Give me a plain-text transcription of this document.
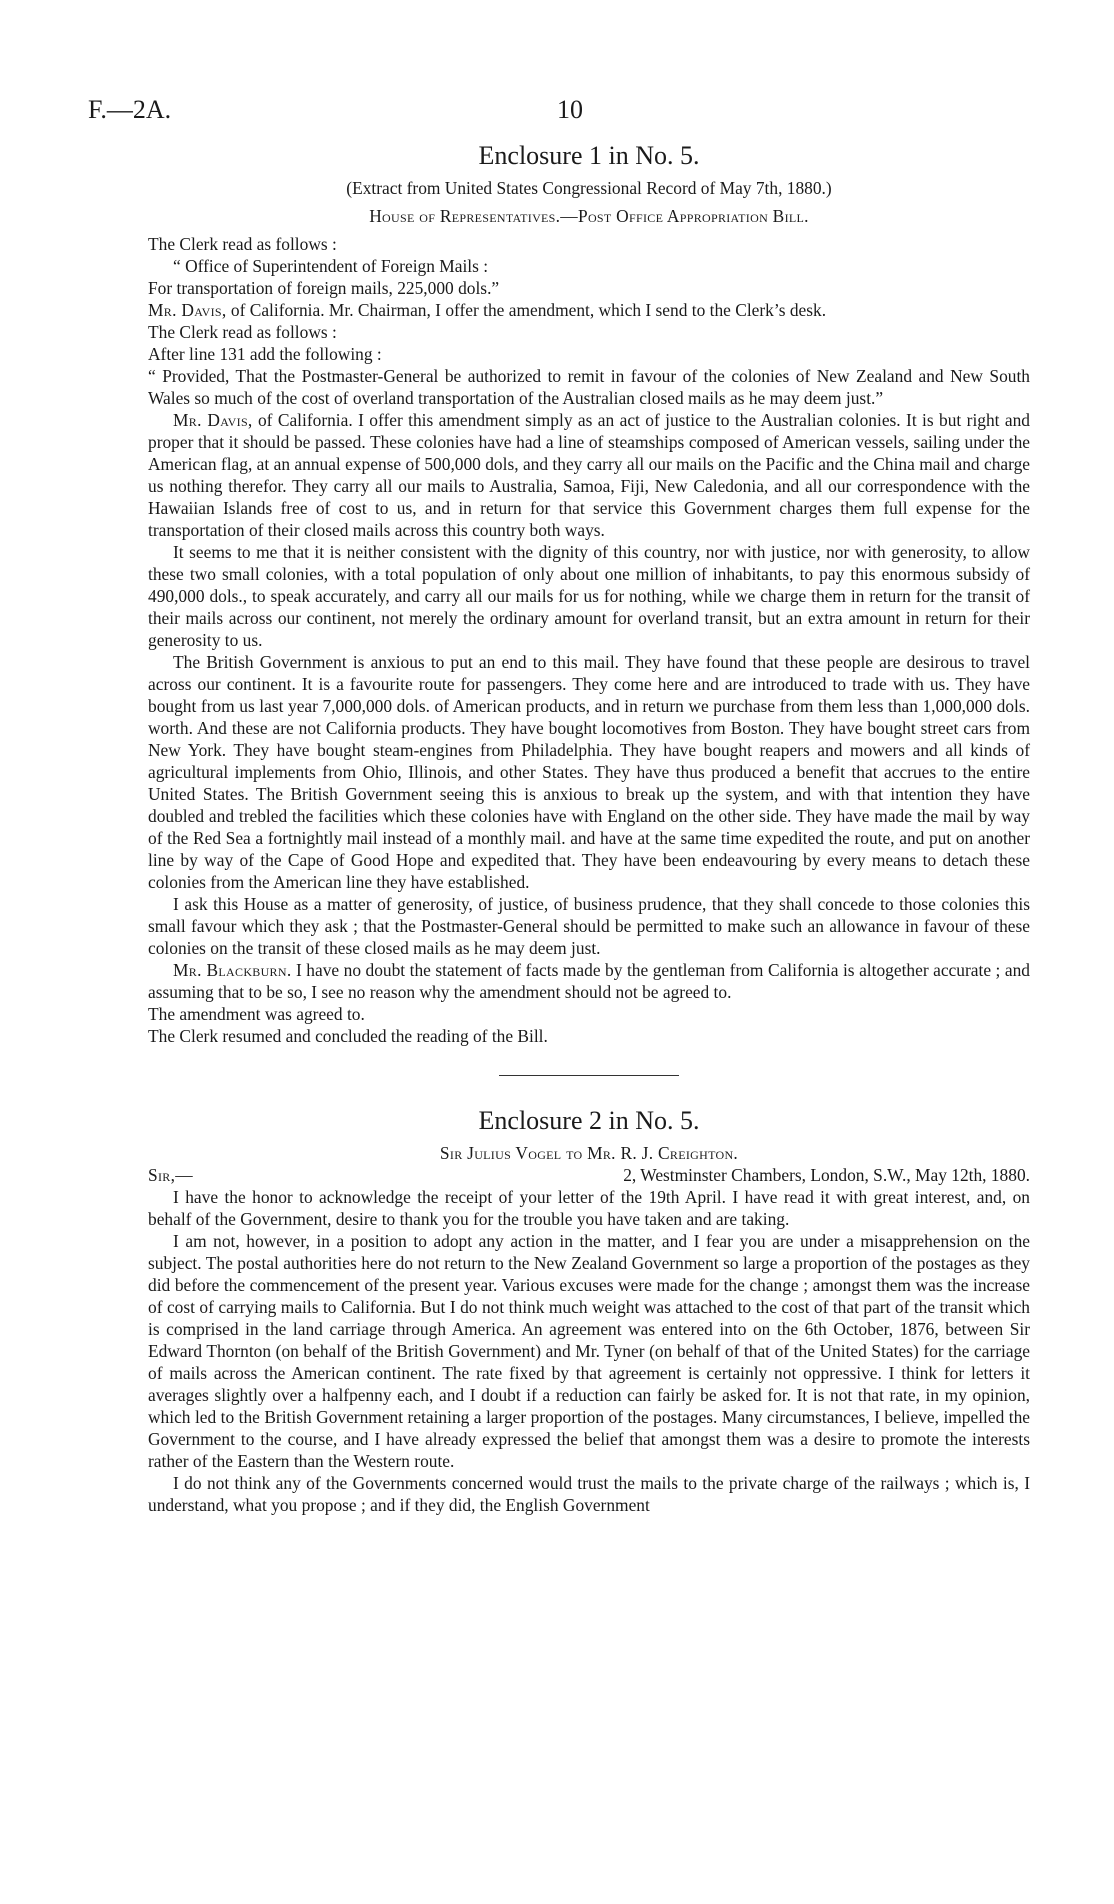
F.—2A.	10
Enclosure 1 in No. 5.
(Extract from United States Congressional Record of May 7th, 1880.)
House of Representatives.—Post Office Appropriation Bill.
The Clerk read as follows :
“ Office of Superintendent of Foreign Mails :
For transportation of foreign mails, 225,000 dols.”

Mr. Davis, of California. Mr. Chairman, I offer the amendment, which I send to the Clerk’s desk.

The Clerk read as follows :
After line 131 add the following :

“ Provided, That the Postmaster-General be authorized to remit in favour of the colonies of New Zealand and New South Wales so much of the cost of overland transportation of the Australian closed mails as he may deem just.”

Mr. Davis, of California. I offer this amendment simply as an act of justice to the Australian colonies. It is but right and proper that it should be passed. These colonies have had a line of steamships composed of American vessels, sailing under the American flag, at an annual expense of 500,000 dols, and they carry all our mails on the Pacific and the China mail and charge us nothing therefor. They carry all our mails to Australia, Samoa, Fiji, New Caledonia, and all our correspondence with the Hawaiian Islands free of cost to us, and in return for that service this Government charges them full expense for the transportation of their closed mails across this country both ways.

It seems to me that it is neither consistent with the dignity of this country, nor with justice, nor with generosity, to allow these two small colonies, with a total population of only about one million of inhabitants, to pay this enormous subsidy of 490,000 dols., to speak accurately, and carry all our mails for us for nothing, while we charge them in return for the transit of their mails across our continent, not merely the ordinary amount for overland transit, but an extra amount in return for their generosity to us.

The British Government is anxious to put an end to this mail. They have found that these people are desirous to travel across our continent. It is a favourite route for passengers. They come here and are introduced to trade with us. They have bought from us last year 7,000,000 dols. of American products, and in return we purchase from them less than 1,000,000 dols. worth. And these are not California products. They have bought locomotives from Boston. They have bought street cars from New York. They have bought steam-engines from Philadelphia. They have bought reapers and mowers and all kinds of agricultural implements from Ohio, Illinois, and other States. They have thus produced a benefit that accrues to the entire United States. The British Government seeing this is anxious to break up the system, and with that intention they have doubled and trebled the facilities which these colonies have with England on the other side. They have made the mail by way of the Red Sea a fortnightly mail instead of a monthly mail. and have at the same time expedited the route, and put on another line by way of the Cape of Good Hope and expedited that. They have been endeavouring by every means to detach these colonies from the American line they have established.

I ask this House as a matter of generosity, of justice, of business prudence, that they shall concede to those colonies this small favour which they ask ; that the Postmaster-General should be permitted to make such an allowance in favour of these colonies on the transit of these closed mails as he may deem just.

Mr. Blackburn. I have no doubt the statement of facts made by the gentleman from California is altogether accurate ; and assuming that to be so, I see no reason why the amendment should not be agreed to.

The amendment was agreed to.
The Clerk resumed and concluded the reading of the Bill.
Enclosure 2 in No. 5.
Sir Julius Vogel to Mr. R. J. Creighton.
Sir,—	2, Westminster Chambers, London, S.W., May 12th, 1880.

I have the honor to acknowledge the receipt of your letter of the 19th April. I have read it with great interest, and, on behalf of the Government, desire to thank you for the trouble you have taken and are taking.

I am not, however, in a position to adopt any action in the matter, and I fear you are under a misapprehension on the subject. The postal authorities here do not return to the New Zealand Government so large a proportion of the postages as they did before the commencement of the present year. Various excuses were made for the change ; amongst them was the increase of cost of carrying mails to California. But I do not think much weight was attached to the cost of that part of the transit which is comprised in the land carriage through America. An agreement was entered into on the 6th October, 1876, between Sir Edward Thornton (on behalf of the British Government) and Mr. Tyner (on behalf of that of the United States) for the carriage of mails across the American continent. The rate fixed by that agreement is certainly not oppressive. I think for letters it averages slightly over a halfpenny each, and I doubt if a reduction can fairly be asked for. It is not that rate, in my opinion, which led to the British Government retaining a larger proportion of the postages. Many circumstances, I believe, impelled the Government to the course, and I have already expressed the belief that amongst them was a desire to promote the interests rather of the Eastern than the Western route.

I do not think any of the Governments concerned would trust the mails to the private charge of the railways ; which is, I understand, what you propose ; and if they did, the English Government
